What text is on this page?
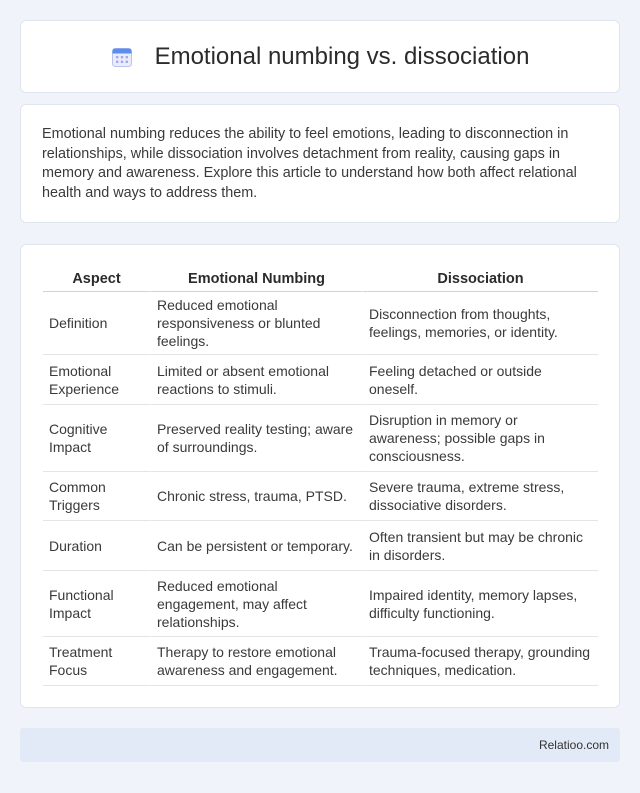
Emotional numbing vs. dissociation

Emotional numbing reduces the ability to feel emotions, leading to disconnection in relationships, while dissociation involves detachment from reality, causing gaps in memory and awareness. Explore this article to understand how both affect relational health and ways to address them.

Aspect	Emotional Numbing	Dissociation
Definition	Reduced emotional responsiveness or blunted feelings.	Disconnection from thoughts, feelings, memories, or identity.
Emotional Experience	Limited or absent emotional reactions to stimuli.	Feeling detached or outside oneself.
Cognitive Impact	Preserved reality testing; aware of surroundings.	Disruption in memory or awareness; possible gaps in consciousness.
Common Triggers	Chronic stress, trauma, PTSD.	Severe trauma, extreme stress, dissociative disorders.
Duration	Can be persistent or temporary.	Often transient but may be chronic in disorders.
Functional Impact	Reduced emotional engagement, may affect relationships.	Impaired identity, memory lapses, difficulty functioning.
Treatment Focus	Therapy to restore emotional awareness and engagement.	Trauma-focused therapy, grounding techniques, medication.
Relatioo.com
